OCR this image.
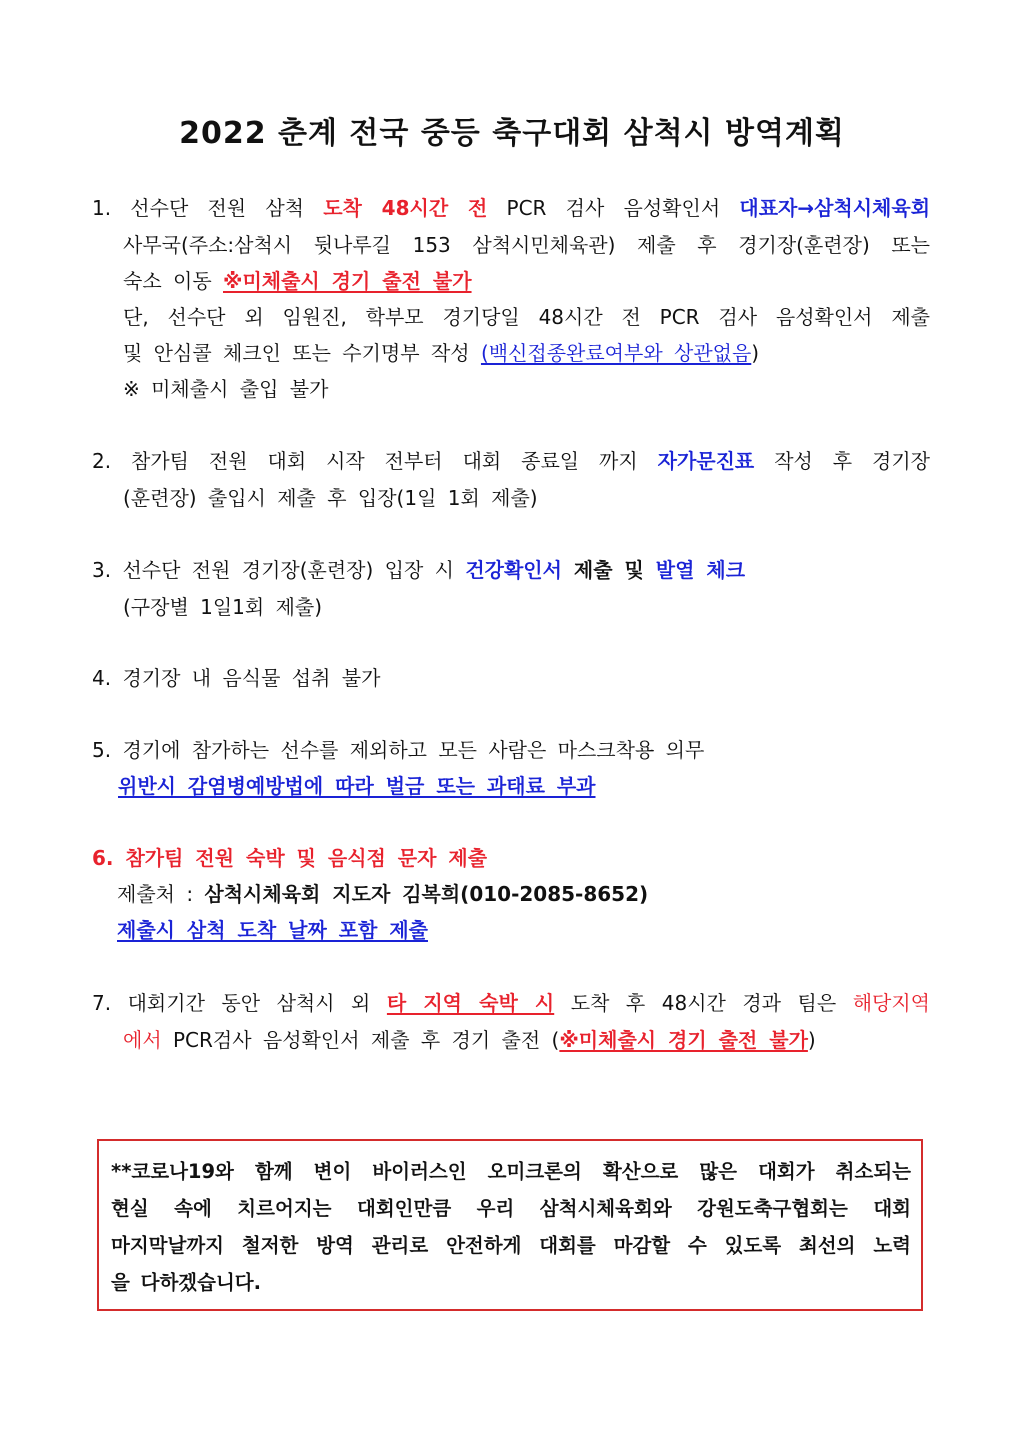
2022 춘계 전국 중등 축구대회 삼척시 방역계획
1. 선수단 전원 삼척 도착 48시간 전 PCR 검사 음성확인서 대표자→삼척시체육회
사무국(주소:삼척시 뒷나루길 153 삼척시민체육관) 제출 후 경기장(훈련장) 또는
숙소 이동 ※미체출시 경기 출전 불가
단, 선수단 외 임원진, 학부모 경기당일 48시간 전 PCR 검사 음성확인서 제출
및 안심콜 체크인 또는 수기명부 작성 (백신접종완료여부와 상관없음)
※ 미체출시 출입 불가
2. 참가팀 전원 대회 시작 전부터 대회 종료일 까지 자가문진표 작성 후 경기장
(훈련장) 출입시 제출 후 입장(1일 1회 제출)
3. 선수단 전원 경기장(훈련장) 입장 시 건강확인서 제출 및 발열 체크
(구장별 1일1회 제출)
4. 경기장 내 음식물 섭취 불가
5. 경기에 참가하는 선수를 제외하고 모든 사람은 마스크착용 의무
위반시 감염병예방법에 따라 벌금 또는 과태료 부과
6. 참가팀 전원 숙박 및 음식점 문자 제출
제출처 : 삼척시체육회 지도자 김복희(010-2085-8652)
제출시 삼척 도착 날짜 포함 제출
7. 대회기간 동안 삼척시 외 타 지역 숙박 시 도착 후 48시간 경과 팀은 해당지역
에서 PCR검사 음성확인서 제출 후 경기 출전 (※미체출시 경기 출전 불가)
**코로나19와 함께 변이 바이러스인 오미크론의 확산으로 많은 대회가 취소되는
현실 속에 치르어지는 대회인만큼 우리 삼척시체육회와 강원도축구협회는 대회
마지막날까지 철저한 방역 관리로 안전하게 대회를 마감할 수 있도록 최선의 노력
을 다하겠습니다.
